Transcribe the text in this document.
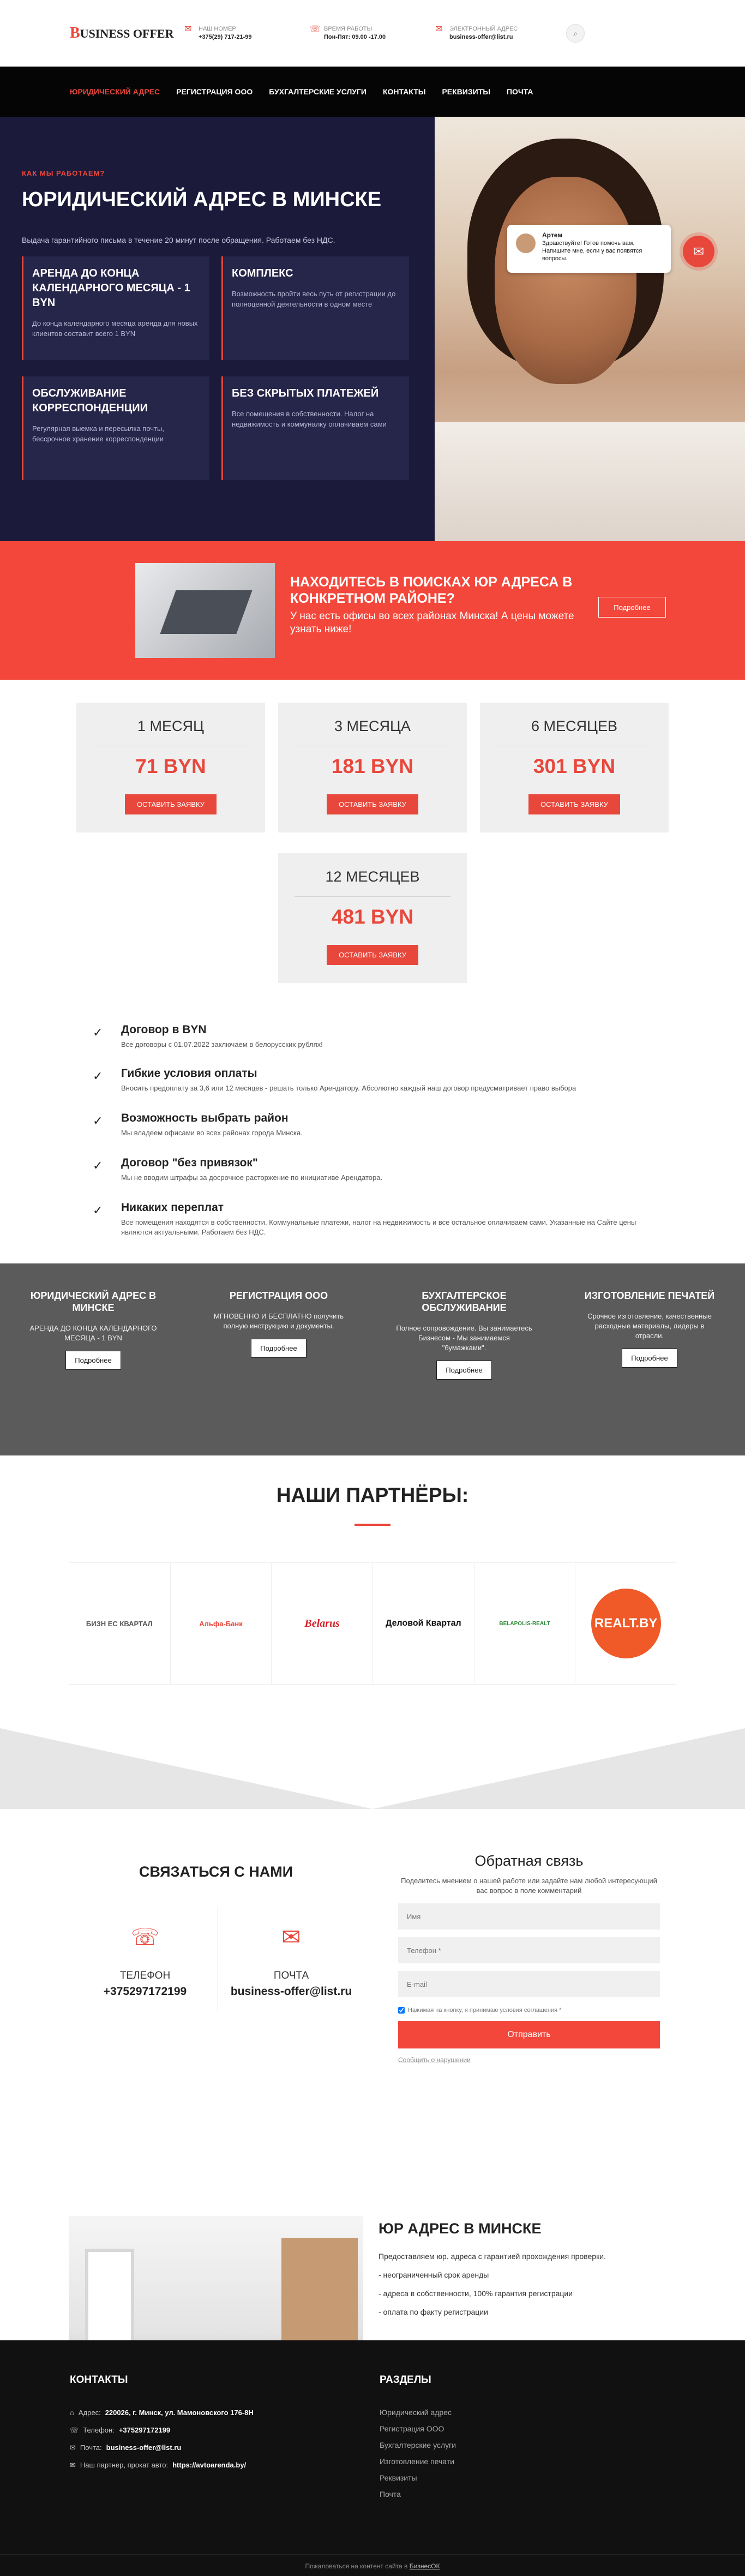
BUSINESS OFFER	✉ НАШ НОМЕР
+375(29) 717-21-99
☏ ВРЕМЯ РАБОТЫ
Пон-Пят: 09.00 -17.00
✉ ЭЛЕКТРОННЫЙ АДРЕС
business-offer@list.ru	⌕
ЮРИДИЧЕСКИЙ АДРЕС РЕГИСТРАЦИЯ ООО БУХГАЛТЕРСКИЕ УСЛУГИ КОНТАКТЫ РЕКВИЗИТЫ ПОЧТА
КАК МЫ РАБОТАЕМ?
ЮРИДИЧЕСКИЙ АДРЕС В МИНСКЕ
Выдача гарантийного письма в течение 20 минут после обращения. Работаем без НДС.
АРЕНДА ДО КОНЦА КАЛЕНДАРНОГО МЕСЯЦА - 1 BYN

До конца календарного месяца аренда для новых клиентов составит всего 1 BYN

КОМПЛЕКС

Возможность пройти весь путь от регистрации до полноценной деятельности в одном месте

ОБСЛУЖИВАНИЕ КОРРЕСПОНДЕНЦИИ

Регулярная выемка и пересылка почты, бессрочное хранение корреспонденции

БЕЗ СКРЫТЫХ ПЛАТЕЖЕЙ

Все помещения в собственности. Налог на недвижимость и коммуналку оплачиваем сами

Артем
Здравствуйте! Готов помочь вам. Напишите мне, если у вас появятся вопросы.	✉
НАХОДИТЕСЬ В ПОИСКАХ ЮР АДРЕСА В КОНКРЕТНОМ РАЙОНЕ?
У нас есть офисы во всех районах Минска! А цены можете узнать ниже!
Подробнее
1 МЕСЯЦ
71 BYN
ОСТАВИТЬ ЗАЯВКУ
3 МЕСЯЦА
181 BYN
ОСТАВИТЬ ЗАЯВКУ
6 МЕСЯЦЕВ
301 BYN
ОСТАВИТЬ ЗАЯВКУ
12 МЕСЯЦЕВ
481 BYN
ОСТАВИТЬ ЗАЯВКУ
✓ Договор в BYN

Все договоры с 01.07.2022 заключаем в белорусских рублях!

✓ Гибкие условия оплаты

Вносить предоплату за 3,6 или 12 месяцев - решать только Арендатору. Абсолютно каждый наш договор предусматривает право выбора

✓ Возможность выбрать район

Мы владеем офисами во всех районах города Минска.

✓ Договор "без привязок"

Мы не вводим штрафы за досрочное расторжение по инициативе Арендатора.

✓ Никаких переплат

Все помещения находятся в собственности. Коммунальные платежи, налог на недвижимость и все остальное оплачиваем сами. Указанные на Сайте цены являются актуальными. Работаем без НДС.

ЮРИДИЧЕСКИЙ АДРЕС В МИНСКЕ

АРЕНДА ДО КОНЦА КАЛЕНДАРНОГО МЕСЯЦА - 1 BYN

Подробнее
РЕГИСТРАЦИЯ ООО

МГНОВЕННО И БЕСПЛАТНО получить полную инструкцию и документы.

Подробнее
БУХГАЛТЕРСКОЕ ОБСЛУЖИВАНИЕ

Полное сопровождение. Вы занимаетесь Бизнесом - Мы занимаемся "бумажками".

Подробнее
ИЗГОТОВЛЕНИЕ ПЕЧАТЕЙ

Срочное изготовление, качественные расходные материалы, лидеры в отрасли.

Подробнее
НАШИ ПАРТНЁРЫ:
БИЗН ЕС КВАРТАЛ	Альфа-Банк	Belarus	Деловой Квартал	BELAPOLIS-REALT	REALT.BY
СВЯЗАТЬСЯ С НАМИ
☏
ТЕЛЕФОН
+375297172199
✉
ПОЧТА
business-offer@list.ru
Обратная связь
Поделитесь мнением о нашей работе или задайте нам любой интересующий вас вопрос в поле комментарий
Имя
Телефон *
E-mail
Нажимая на кнопку, я принимаю условия соглашения *
Отправить
Сообщить о нарушении
ЮР АДРЕС В МИНСКЕ
Предоставляем юр. адреса с гарантией прохождения проверки.
- неограниченный срок аренды
- адреса в собственности, 100% гарантия регистрации
- оплата по факту регистрации
КОНТАКТЫ
⌂ Адрес: 220026, г. Минск, ул. Мамоновского 176-8Н
☏ Телефон: +375297172199
✉ Почта: business-offer@list.ru
✉ Наш партнер, прокат авто: https://avtoarenda.by/
РАЗДЕЛЫ
Юридический адрес
Регистрация ООО
Бухгалтерские услуги
Изготовление печати
Реквизиты
Почта
Пожаловаться на контент сайта в БизнесОК
